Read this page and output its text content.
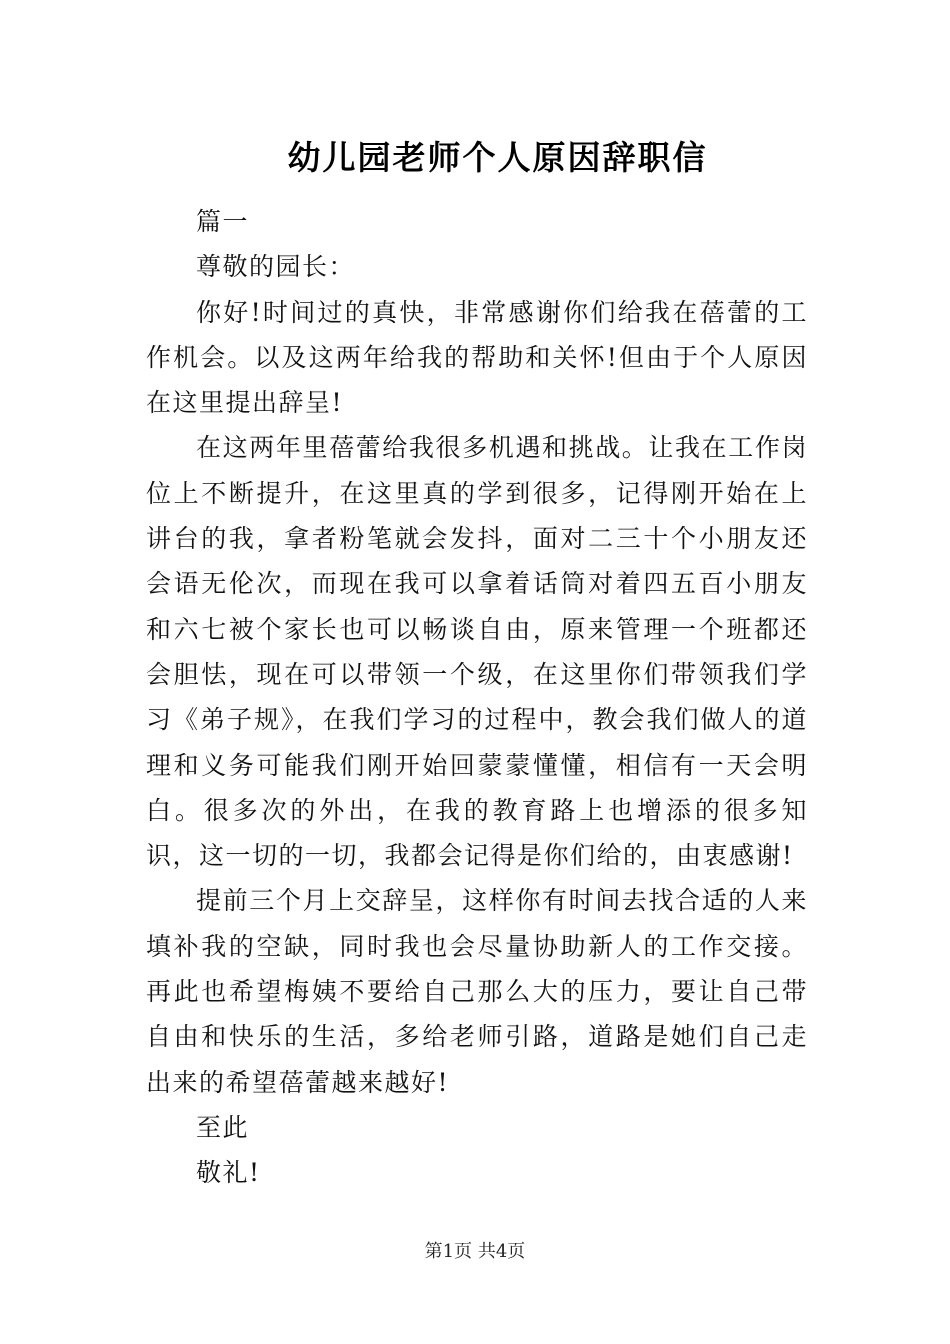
幼儿园老师个人原因辞职信

篇一

尊敬的园长：

你好!时间过的真快，非常感谢你们给我在蓓蕾的工作机会。以及这两年给我的帮助和关怀!但由于个人原因在这里提出辞呈!

在这两年里蓓蕾给我很多机遇和挑战。让我在工作岗位上不断提升，在这里真的学到很多，记得刚开始在上讲台的我，拿者粉笔就会发抖，面对二三十个小朋友还会语无伦次，而现在我可以拿着话筒对着四五百小朋友和六七被个家长也可以畅谈自由，原来管理一个班都还会胆怯，现在可以带领一个级，在这里你们带领我们学习《弟子规》，在我们学习的过程中，教会我们做人的道理和义务可能我们刚开始回蒙蒙懂懂，相信有一天会明白。很多次的外出，在我的教育路上也增添的很多知识，这一切的一切，我都会记得是你们给的，由衷感谢!

提前三个月上交辞呈，这样你有时间去找合适的人来填补我的空缺，同时我也会尽量协助新人的工作交接。再此也希望梅姨不要给自己那么大的压力，要让自己带自由和快乐的生活，多给老师引路，道路是她们自己走出来的希望蓓蕾越来越好!

至此

敬礼!

第1页 共4页
